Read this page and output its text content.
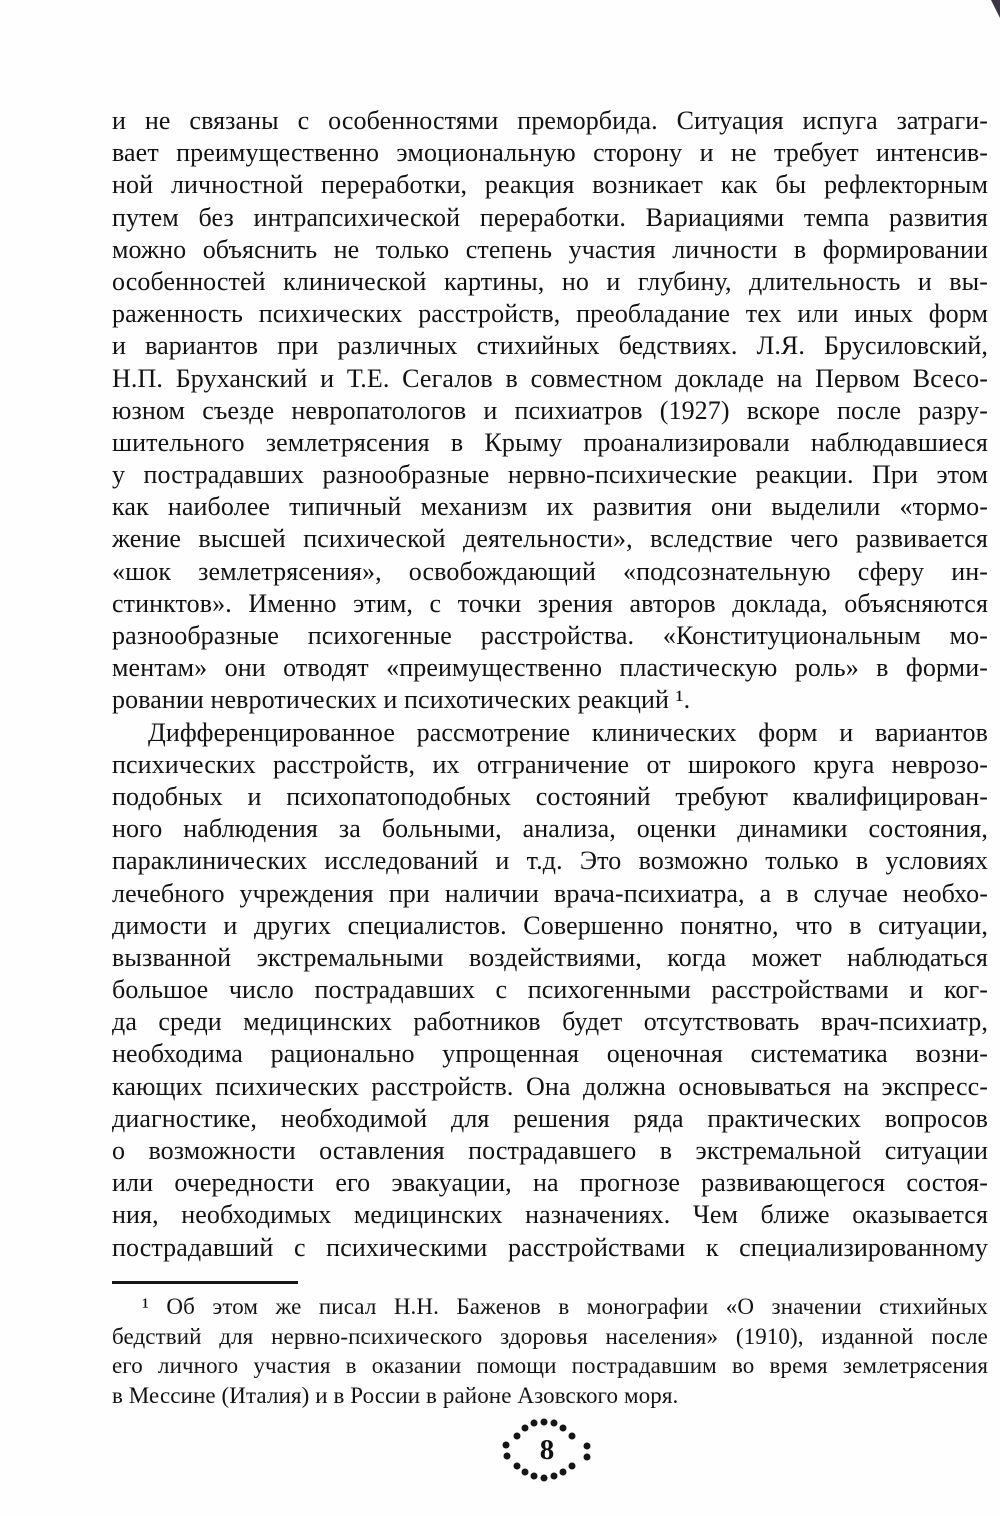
и не связаны с особенностями преморбида. Ситуация испуга затраги-
вает преимущественно эмоциональную сторону и не требует интенсив-
ной личностной переработки, реакция возникает как бы рефлекторным
путем без интрапсихической переработки. Вариациями темпа развития
можно объяснить не только степень участия личности в формировании
особенностей клинической картины, но и глубину, длительность и вы-
раженность психических расстройств, преобладание тех или иных форм
и вариантов при различных стихийных бедствиях. Л.Я. Брусиловский,
Н.П. Бруханский и Т.Е. Сегалов в совместном докладе на Первом Всесо-
юзном съезде невропатологов и психиатров (1927) вскоре после разру-
шительного землетрясения в Крыму проанализировали наблюдавшиеся
у пострадавших разнообразные нервно-психические реакции. При этом
как наиболее типичный механизм их развития они выделили «тормо-
жение высшей психической деятельности», вследствие чего развивается
«шок землетрясения», освобождающий «подсознательную сферу ин-
стинктов». Именно этим, с точки зрения авторов доклада, объясняются
разнообразные психогенные расстройства. «Конституциональным мо-
ментам» они отводят «преимущественно пластическую роль» в форми-
ровании невротических и психотических реакций ¹.
Дифференцированное рассмотрение клинических форм и вариантов
психических расстройств, их отграничение от широкого круга неврозо-
подобных и психопатоподобных состояний требуют квалифицирован-
ного наблюдения за больными, анализа, оценки динамики состояния,
параклинических исследований и т.д. Это возможно только в условиях
лечебного учреждения при наличии врача-психиатра, а в случае необхо-
димости и других специалистов. Совершенно понятно, что в ситуации,
вызванной экстремальными воздействиями, когда может наблюдаться
большое число пострадавших с психогенными расстройствами и ког-
да среди медицинских работников будет отсутствовать врач-психиатр,
необходима рационально упрощенная оценочная систематика возни-
кающих психических расстройств. Она должна основываться на экспресс-
диагностике, необходимой для решения ряда практических вопросов
о возможности оставления пострадавшего в экстремальной ситуации
или очередности его эвакуации, на прогнозе развивающегося состоя-
ния, необходимых медицинских назначениях. Чем ближе оказывается
пострадавший с психическими расстройствами к специализированному
¹ Об этом же писал Н.Н. Баженов в монографии «О значении стихийных
бедствий для нервно-психического здоровья населения» (1910), изданной после
его личного участия в оказании помощи пострадавшим во время землетрясения
в Мессине (Италия) и в России в районе Азовского моря.
8
